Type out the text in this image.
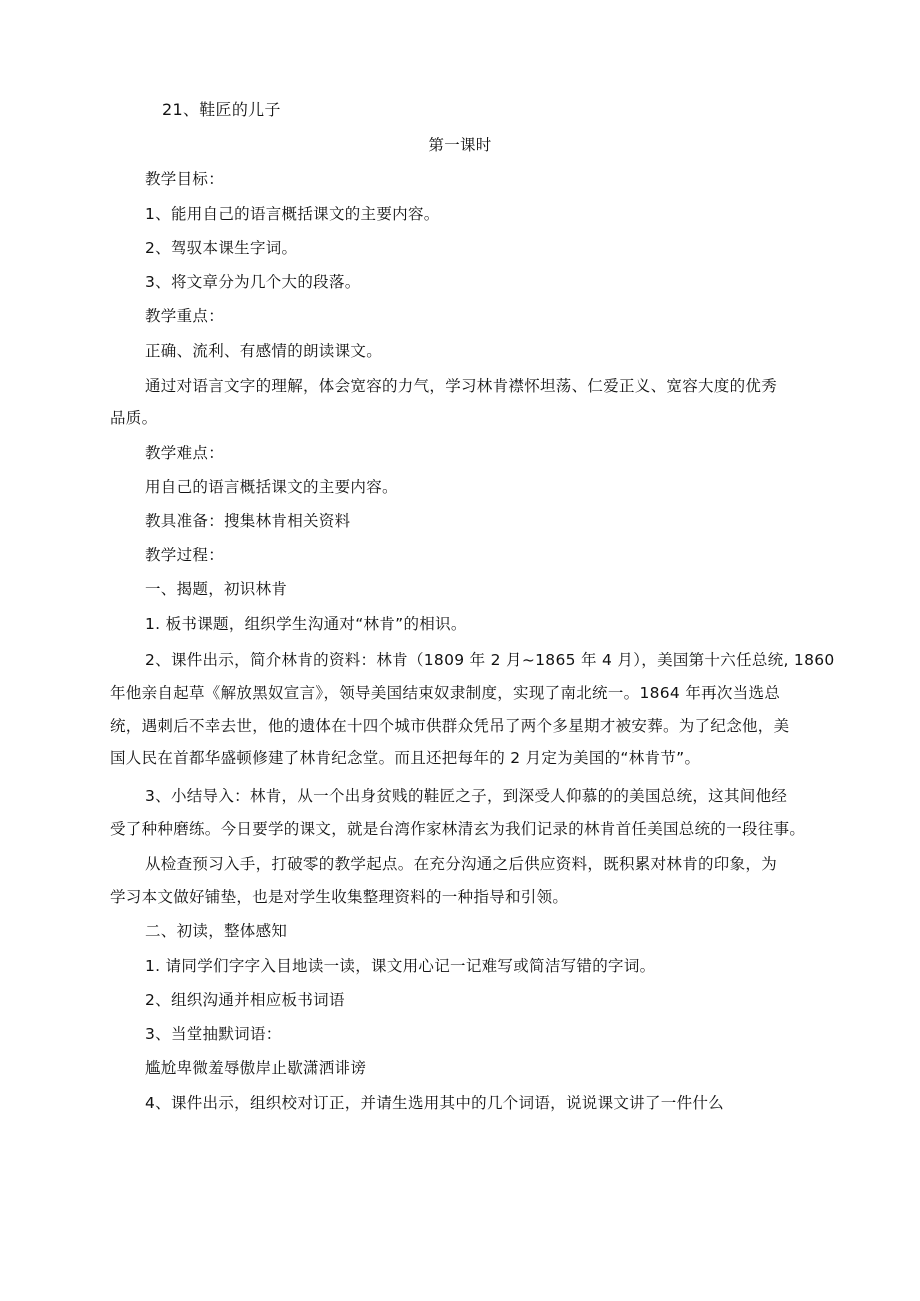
21、鞋匠的儿子
第一课时
教学目标：
1、能用自己的语言概括课文的主要内容。
2、驾驭本课生字词。
3、将文章分为几个大的段落。
教学重点：
正确、流利、有感情的朗读课文。
通过对语言文字的理解，体会宽容的力气，学习林肯襟怀坦荡、仁爱正义、宽容大度的优秀
品质。
教学难点：
用自己的语言概括课文的主要内容。
教具准备：搜集林肯相关资料
教学过程：
一、揭题，初识林肯
1. 板书课题，组织学生沟通对“林肯”的相识。
2、课件出示，简介林肯的资料：林肯（1809 年 2 月~1865 年 4 月），美国第十六任总统, 1860
年他亲自起草《解放黑奴宣言》，领导美国结束奴隶制度，实现了南北统一。1864 年再次当选总
统，遇刺后不幸去世，他的遗体在十四个城市供群众凭吊了两个多星期才被安葬。为了纪念他，美
国人民在首都华盛顿修建了林肯纪念堂。而且还把每年的 2 月定为美国的“林肯节”。
3、小结导入：林肯，从一个出身贫贱的鞋匠之子，到深受人仰慕的的美国总统，这其间他经
受了种种磨练。今日要学的课文，就是台湾作家林清玄为我们记录的林肯首任美国总统的一段往事。
从检查预习入手，打破零的教学起点。在充分沟通之后供应资料，既积累对林肯的印象，为
学习本文做好铺垫，也是对学生收集整理资料的一种指导和引领。
二、初读，整体感知
1. 请同学们字字入目地读一读，课文用心记一记难写或简洁写错的字词。
2、组织沟通并相应板书词语
3、当堂抽默词语：
尴尬卑微羞辱傲岸止歇潇洒诽谤
4、课件出示，组织校对订正，并请生选用其中的几个词语，说说课文讲了一件什么
